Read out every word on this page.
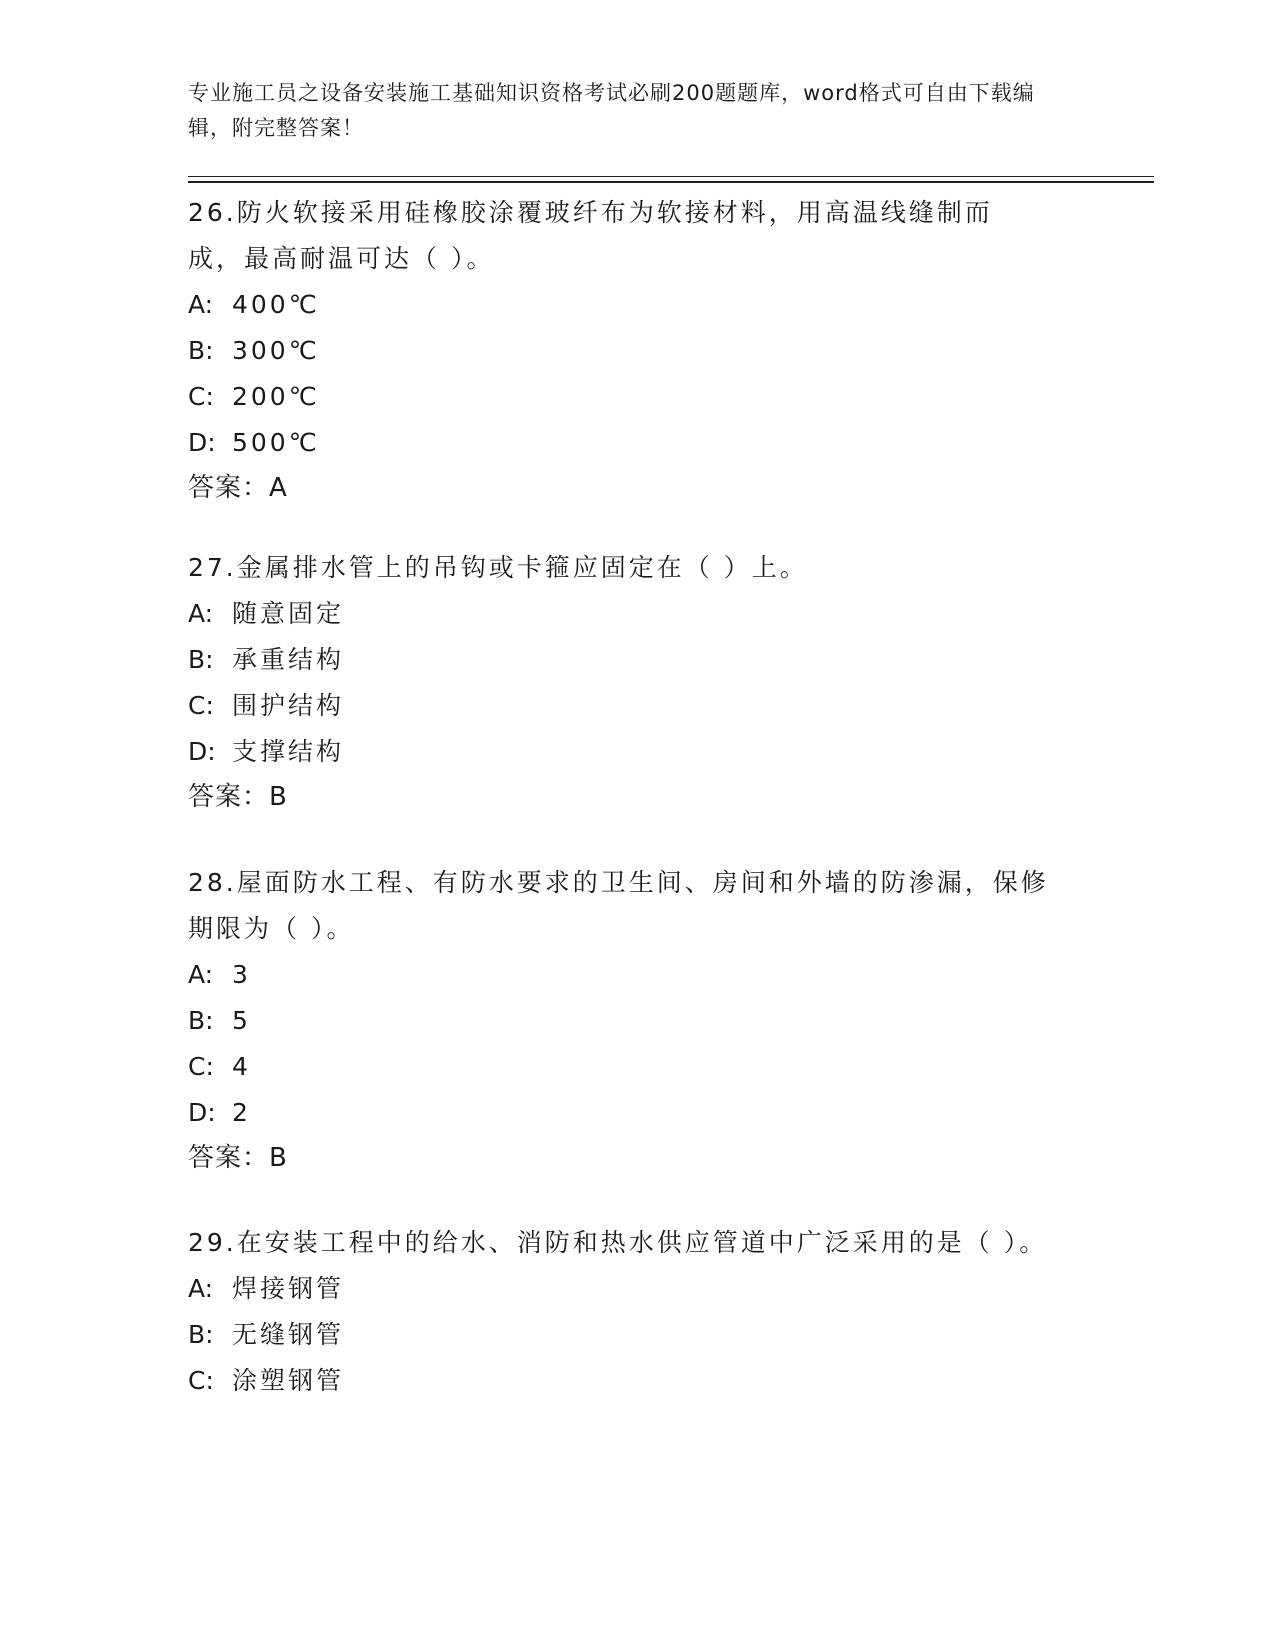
专业施工员之设备安装施工基础知识资格考试必刷200题题库，word格式可自由下载编辑，附完整答案！

26.防火软接采用硅橡胶涂覆玻纤布为软接材料，用高温线缝制而成，最高耐温可达（ ）。

A: 400℃

B: 300℃

C: 200℃

D: 500℃

答案：A

27.金属排水管上的吊钩或卡箍应固定在（ ）上。

A: 随意固定

B: 承重结构

C: 围护结构

D: 支撑结构

答案：B

28.屋面防水工程、有防水要求的卫生间、房间和外墙的防渗漏，保修期限为（ ）。

A: 3

B: 5

C: 4

D: 2

答案：B

29.在安装工程中的给水、消防和热水供应管道中广泛采用的是（ ）。

A: 焊接钢管

B: 无缝钢管

C: 涂塑钢管
